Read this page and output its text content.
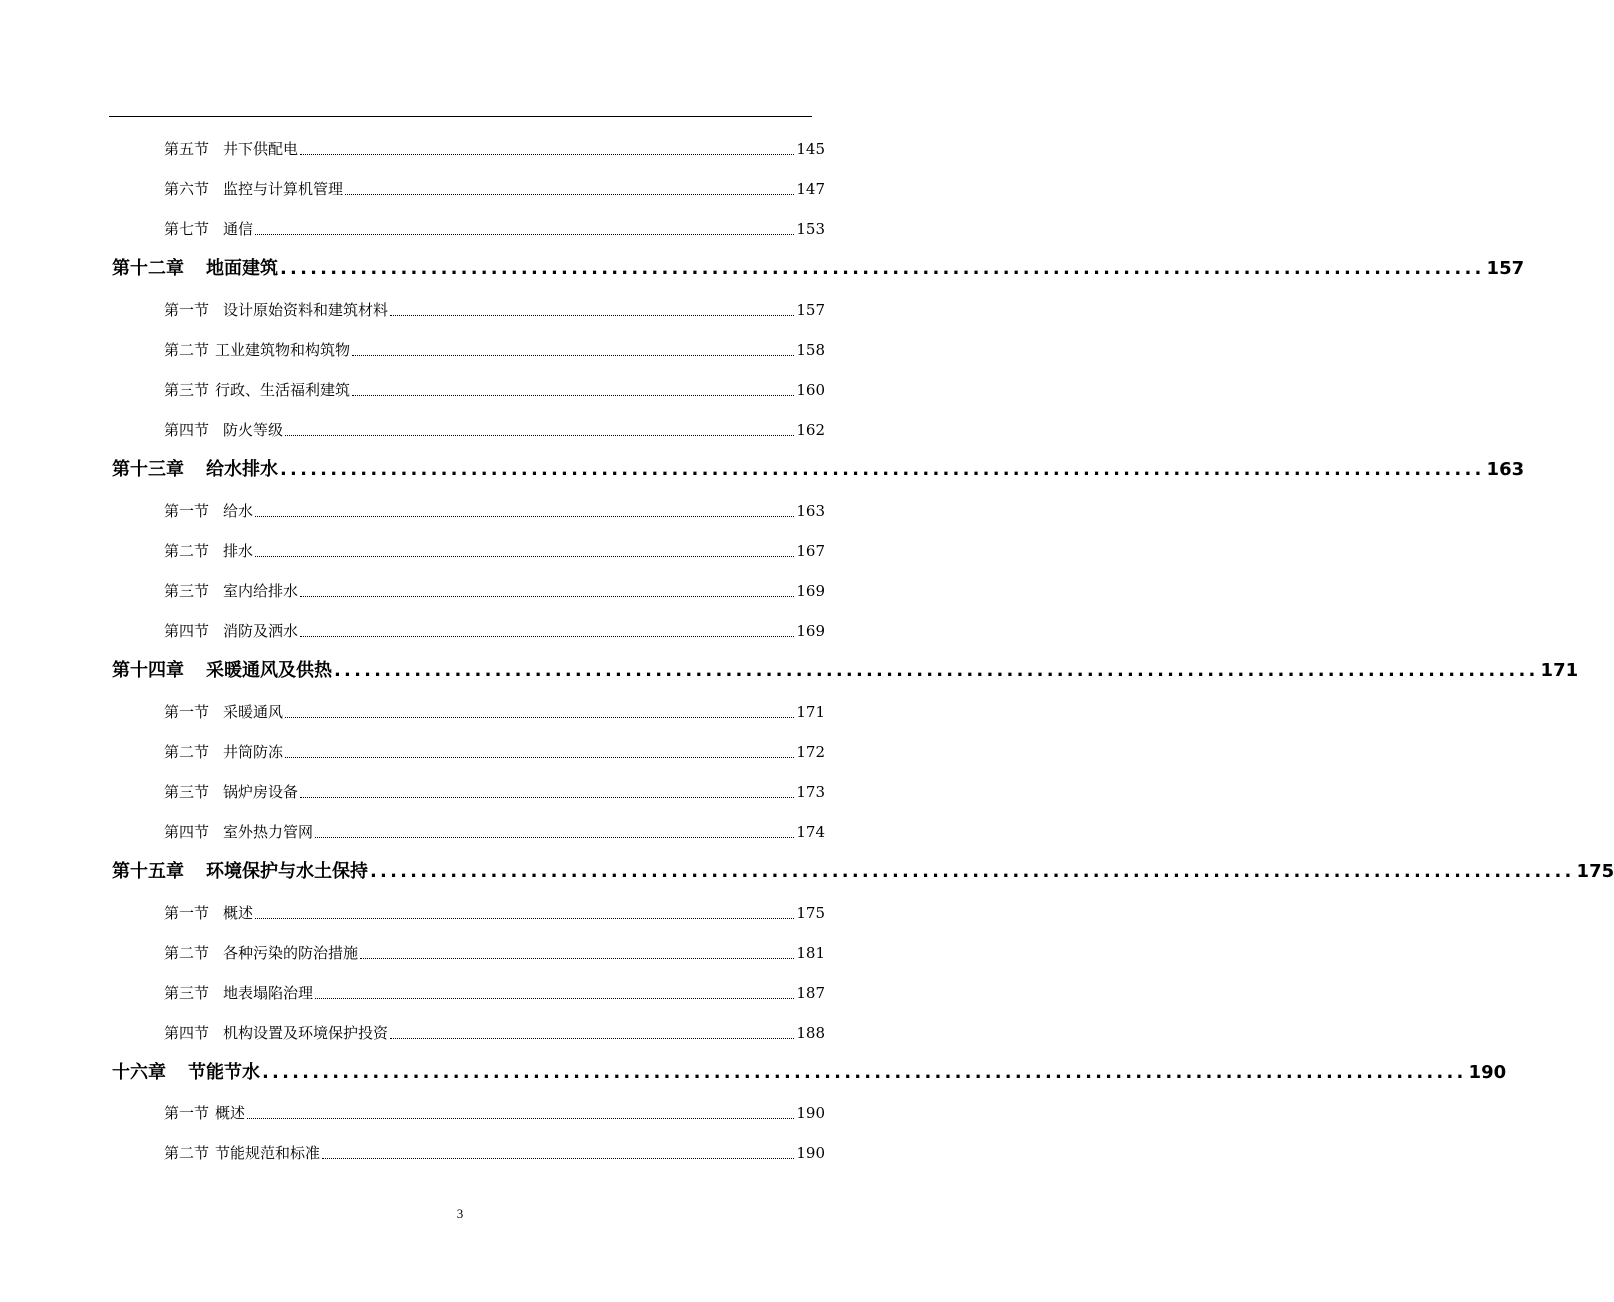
第五节 井下供配电	145
第六节 监控与计算机管理	147
第七节 通信	153
第十二章 地面建筑 ........................................................................................................................ 157
第一节 设计原始资料和建筑材料	157
第二节 工业建筑物和构筑物	158
第三节 行政、生活福利建筑	160
第四节 防火等级	162
第十三章 给水排水 ........................................................................................................................ 163
第一节 给水	163
第二节 排水	167
第三节 室内给排水	169
第四节 消防及洒水	169
第十四章 采暖通风及供热 ........................................................................................................................ 171
第一节 采暖通风	171
第二节 井筒防冻	172
第三节 锅炉房设备	173
第四节 室外热力管网	174
第十五章 环境保护与水土保持 ........................................................................................................................ 175
第一节 概述	175
第二节 各种污染的防治措施	181
第三节 地表塌陷治理	187
第四节 机构设置及环境保护投资	188
十六章 节能节水 ........................................................................................................................ 190
第一节 概述	190
第二节 节能规范和标准	190
3
